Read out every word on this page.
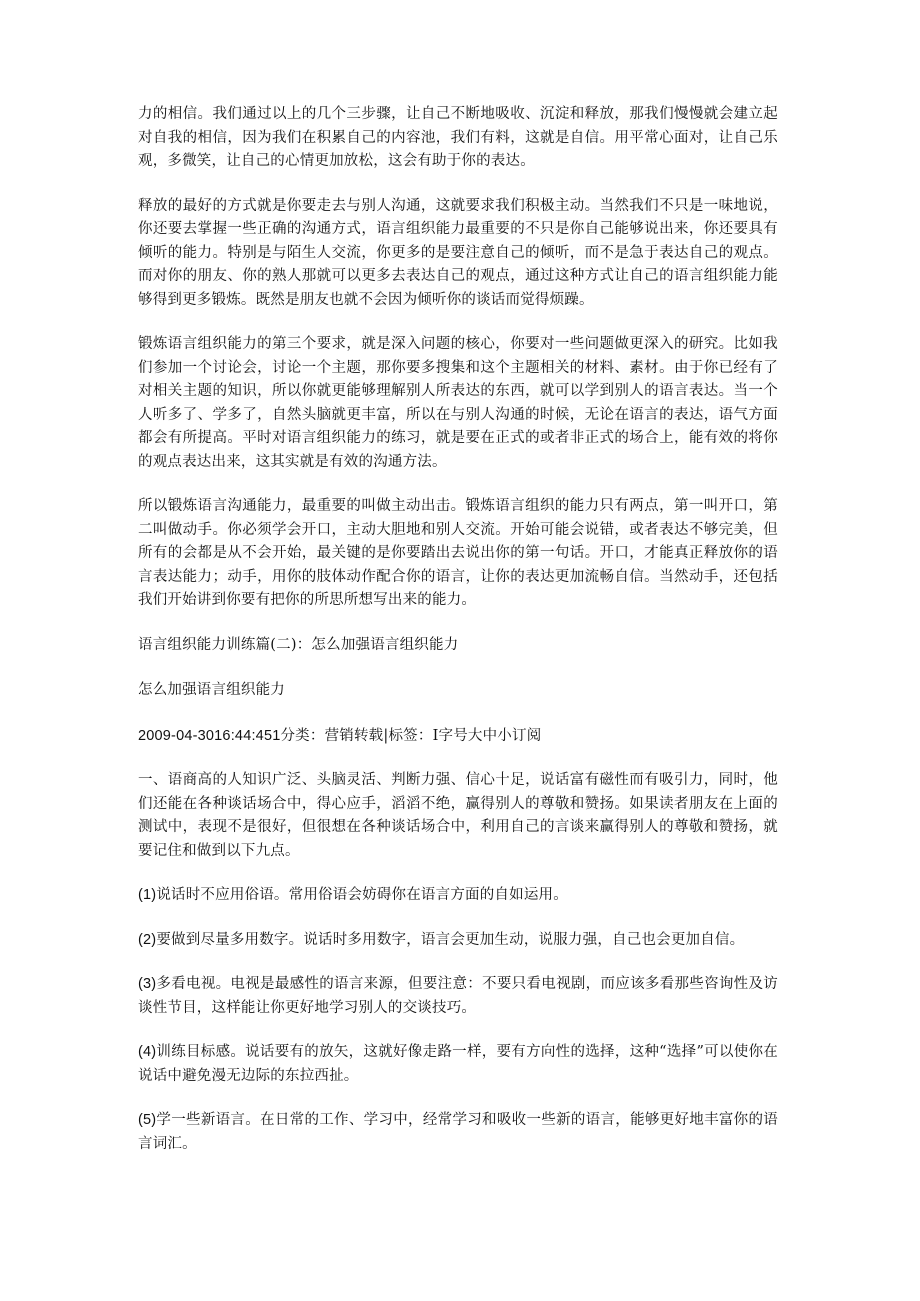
力的相信。我们通过以上的几个三步骤，让自己不断地吸收、沉淀和释放，那我们慢慢就会建立起对自我的相信，因为我们在积累自己的内容池，我们有料，这就是自信。用平常心面对，让自己乐观，多微笑，让自己的心情更加放松，这会有助于你的表达。

释放的最好的方式就是你要走去与别人沟通，这就要求我们积极主动。当然我们不只是一味地说，你还要去掌握一些正确的沟通方式，语言组织能力最重要的不只是你自己能够说出来，你还要具有倾听的能力。特别是与陌生人交流，你更多的是要注意自己的倾听，而不是急于表达自己的观点。而对你的朋友、你的熟人那就可以更多去表达自己的观点，通过这种方式让自己的语言组织能力能够得到更多锻炼。既然是朋友也就不会因为倾听你的谈话而觉得烦躁。

锻炼语言组织能力的第三个要求，就是深入问题的核心，你要对一些问题做更深入的研究。比如我们参加一个讨论会，讨论一个主题，那你要多搜集和这个主题相关的材料、素材。由于你已经有了对相关主题的知识，所以你就更能够理解别人所表达的东西，就可以学到别人的语言表达。当一个人听多了、学多了，自然头脑就更丰富，所以在与别人沟通的时候，无论在语言的表达，语气方面都会有所提高。平时对语言组织能力的练习，就是要在正式的或者非正式的场合上，能有效的将你的观点表达出来，这其实就是有效的沟通方法。

所以锻炼语言沟通能力，最重要的叫做主动出击。锻炼语言组织的能力只有两点，第一叫开口，第二叫做动手。你必须学会开口，主动大胆地和别人交流。开始可能会说错，或者表达不够完美，但所有的会都是从不会开始，最关键的是你要踏出去说出你的第一句话。开口，才能真正释放你的语言表达能力；动手，用你的肢体动作配合你的语言，让你的表达更加流畅自信。当然动手，还包括我们开始讲到你要有把你的所思所想写出来的能力。

语言组织能力训练篇(二)：怎么加强语言组织能力

怎么加强语言组织能力

2009-04-3016:44:451分类：营销转载|标签：I字号大中小订阅

一、语商高的人知识广泛、头脑灵活、判断力强、信心十足，说话富有磁性而有吸引力，同时，他们还能在各种谈话场合中，得心应手，滔滔不绝，赢得别人的尊敬和赞扬。如果读者朋友在上面的测试中，表现不是很好，但很想在各种谈话场合中，利用自己的言谈来赢得别人的尊敬和赞扬，就要记住和做到以下九点。

(1)说话时不应用俗语。常用俗语会妨碍你在语言方面的自如运用。

(2)要做到尽量多用数字。说话时多用数字，语言会更加生动，说服力强，自己也会更加自信。

(3)多看电视。电视是最感性的语言来源，但要注意：不要只看电视剧，而应该多看那些咨询性及访谈性节目，这样能让你更好地学习别人的交谈技巧。

(4)训练目标感。说话要有的放矢，这就好像走路一样，要有方向性的选择，这种“选择”可以使你在说话中避免漫无边际的东拉西扯。

(5)学一些新语言。在日常的工作、学习中，经常学习和吸收一些新的语言，能够更好地丰富你的语言词汇。
